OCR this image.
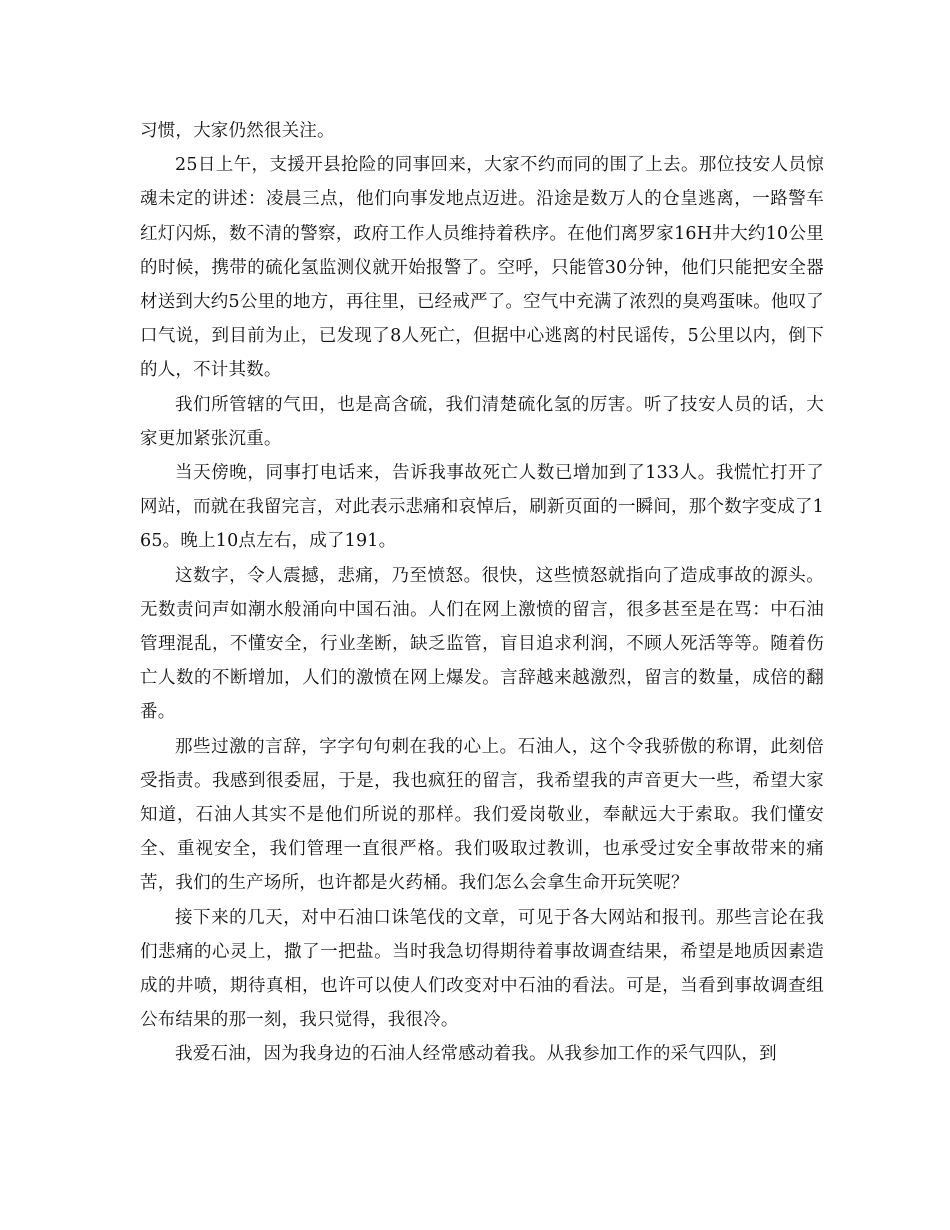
习惯，大家仍然很关注。

25日上午，支援开县抢险的同事回来，大家不约而同的围了上去。那位技安人员惊魂未定的讲述：凌晨三点，他们向事发地点迈进。沿途是数万人的仓皇逃离，一路警车红灯闪烁，数不清的警察，政府工作人员维持着秩序。在他们离罗家16H井大约10公里的时候，携带的硫化氢监测仪就开始报警了。空呼，只能管30分钟，他们只能把安全器材送到大约5公里的地方，再往里，已经戒严了。空气中充满了浓烈的臭鸡蛋味。他叹了口气说，到目前为止，已发现了8人死亡，但据中心逃离的村民谣传，5公里以内，倒下的人，不计其数。

我们所管辖的气田，也是高含硫，我们清楚硫化氢的厉害。听了技安人员的话，大家更加紧张沉重。

当天傍晚，同事打电话来，告诉我事故死亡人数已增加到了133人。我慌忙打开了网站，而就在我留完言，对此表示悲痛和哀悼后，刷新页面的一瞬间，那个数字变成了165。晚上10点左右，成了191。

这数字，令人震撼，悲痛，乃至愤怒。很快，这些愤怒就指向了造成事故的源头。无数责问声如潮水般涌向中国石油。人们在网上激愤的留言，很多甚至是在骂：中石油管理混乱，不懂安全，行业垄断，缺乏监管，盲目追求利润，不顾人死活等等。随着伤亡人数的不断增加，人们的激愤在网上爆发。言辞越来越激烈，留言的数量，成倍的翻番。

那些过激的言辞，字字句句刺在我的心上。石油人，这个令我骄傲的称谓，此刻倍受指责。我感到很委屈，于是，我也疯狂的留言，我希望我的声音更大一些，希望大家知道，石油人其实不是他们所说的那样。我们爱岗敬业，奉献远大于索取。我们懂安全、重视安全，我们管理一直很严格。我们吸取过教训，也承受过安全事故带来的痛苦，我们的生产场所，也许都是火药桶。我们怎么会拿生命开玩笑呢？

接下来的几天，对中石油口诛笔伐的文章，可见于各大网站和报刊。那些言论在我们悲痛的心灵上，撒了一把盐。当时我急切得期待着事故调查结果，希望是地质因素造成的井喷，期待真相，也许可以使人们改变对中石油的看法。可是，当看到事故调查组公布结果的那一刻，我只觉得，我很冷。

我爱石油，因为我身边的石油人经常感动着我。从我参加工作的采气四队，到
